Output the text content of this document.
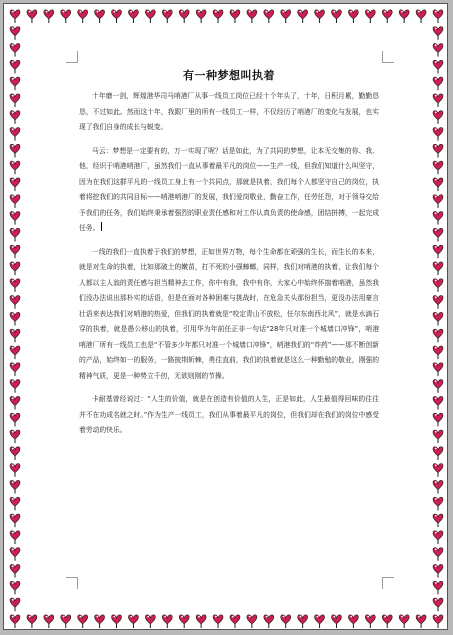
有一种梦想叫执着

十年磨一剑，辉煌港华司马哨港厂从事一线员工岗位已经十个年头了，十年，日积月累，勤勤恳恳，不过如此。然而这十年，我跟厂里的所有一线员工一样，不仅经历了哨港厂的变化与发展，也实现了我们自身的成长与蜕变。

马云：梦想是一定要有的，万一实现了呢？话是如此，为了共同的梦想，让本无交集的你、我、他，经识于哨港哨港厂，虽然我们一直从事着最平凡的岗位——生产一线，但我们知道什么叫坚守，因为在我们这群平凡的一线员工身上有一个共同点，那就是执着，我们每个人都坚守自己的岗位，执着将挖我们的共同目标——哨港哨港厂的发展，我们爱岗敬业，勤奋工作，任劳任怨，对于领导交给予我们的任务，我们始终秉承着强烈的职业责任感和对工作认真负责的使命感，团结拼搏，一起完成任务。

一线的我们一直执着于我们的梦想，正如世界万物，每个生命都在顽强的生长，而生长的本来，就是对生命的执着，比如那破土的嫩苗，打不死的小强蟑螂，同样，我们对哨港的执着，让我们每个人都以主人翁的责任感与担当精神去工作，你中有我，我中有你，大家心中始终怀揣着哨港，虽然我们没办法说出那朴实的话语，但是在面对各种困难与挑战时，在危急关头那份担当，更没办法用豪言壮语来表达我们对哨港的热爱，但我们的执着就是“咬定青山不放松，任尔东南西北风”，就是水滴石穿的执着，就是愚公移山的执着，引用华为年前任正非一句话“28年只对准一个城墙口冲锋”，哨港哨港厂所有一线员工也是“不管多少年都只对准一个城墙口冲锋”，哨港我们的“炸药”——那不断创新的产品，始终如一的服务，一路披荆斩棘，勇往直前，我们的执着就是这么一种勤勉的敬业，刚强的精神气质，更是一种势立千仞，无欲则刚的节操。

卡耐基曾经说过：“人生的价值，就是在创造有价值的人生，正是如此，人生最值得回味的往往并不在功成名就之时。”作为生产一线员工，我们从事着最平凡的岗位，但我们却在我们的岗位中感受着劳动的快乐。
